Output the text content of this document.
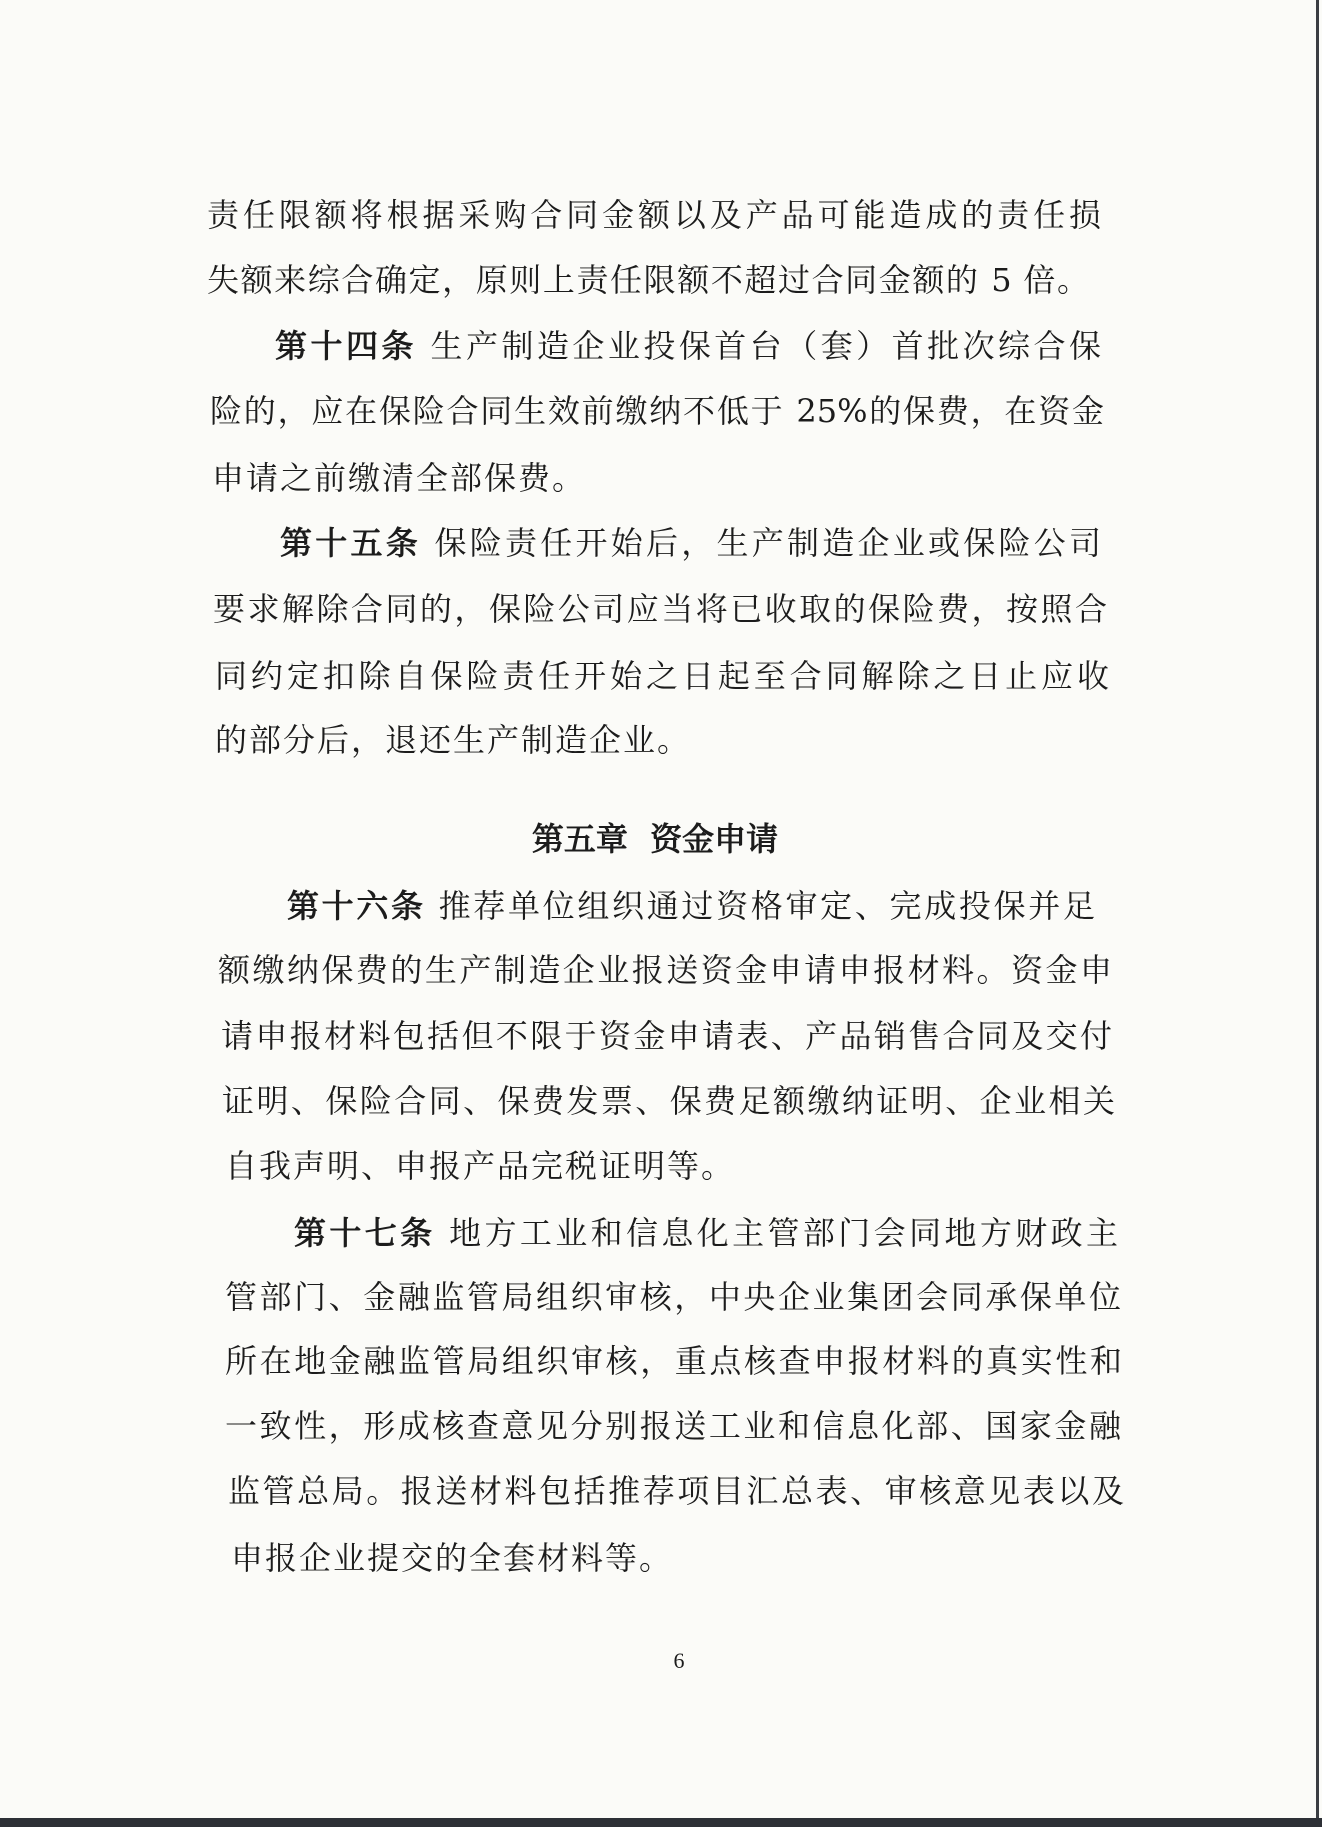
责任限额将根据采购合同金额以及产品可能造成的责任损
失额来综合确定，原则上责任限额不超过合同金额的 5 倍。
第十四条 生产制造企业投保首台（套）首批次综合保
险的，应在保险合同生效前缴纳不低于 25%的保费，在资金
申请之前缴清全部保费。
第十五条 保险责任开始后，生产制造企业或保险公司
要求解除合同的，保险公司应当将已收取的保险费，按照合
同约定扣除自保险责任开始之日起至合同解除之日止应收
的部分后，退还生产制造企业。
第五章  资金申请
第十六条 推荐单位组织通过资格审定、完成投保并足
额缴纳保费的生产制造企业报送资金申请申报材料。资金申
请申报材料包括但不限于资金申请表、产品销售合同及交付
证明、保险合同、保费发票、保费足额缴纳证明、企业相关
自我声明、申报产品完税证明等。
第十七条 地方工业和信息化主管部门会同地方财政主
管部门、金融监管局组织审核，中央企业集团会同承保单位
所在地金融监管局组织审核，重点核查申报材料的真实性和
一致性，形成核查意见分别报送工业和信息化部、国家金融
监管总局。报送材料包括推荐项目汇总表、审核意见表以及
申报企业提交的全套材料等。
6
